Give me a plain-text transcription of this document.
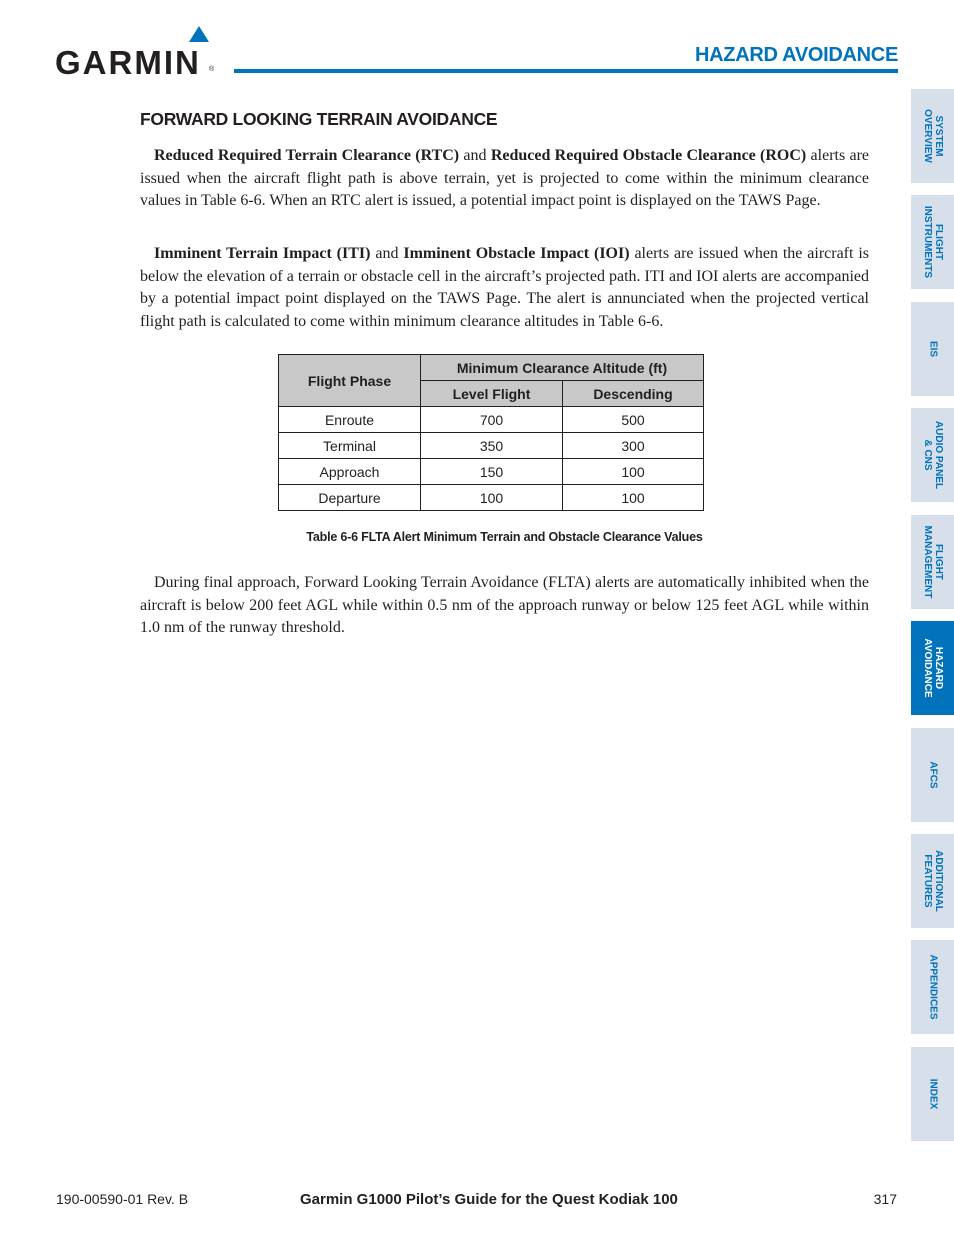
GARMIN ®
HAZARD AVOIDANCE
FORWARD LOOKING TERRAIN AVOIDANCE

Reduced Required Terrain Clearance (RTC) and Reduced Required Obstacle Clearance (ROC) alerts are issued when the aircraft flight path is above terrain, yet is projected to come within the minimum clearance values in Table 6-6. When an RTC alert is issued, a potential impact point is displayed on the TAWS Page.

Imminent Terrain Impact (ITI) and Imminent Obstacle Impact (IOI) alerts are issued when the aircraft is below the elevation of a terrain or obstacle cell in the aircraft’s projected path. ITI and IOI alerts are accompanied by a potential impact point displayed on the TAWS Page. The alert is annunciated when the projected vertical flight path is calculated to come within minimum clearance altitudes in Table 6-6.

Flight Phase	Minimum Clearance Altitude (ft)	
	Level Flight	Descending
Enroute	700	500
Terminal	350	300
Approach	150	100
Departure	100	100
Table 6-6 FLTA Alert Minimum Terrain and Obstacle Clearance Values

During final approach, Forward Looking Terrain Avoidance (FLTA) alerts are automatically inhibited when the aircraft is below 200 feet AGL while within 0.5 nm of the approach runway or below 125 feet AGL while within 1.0 nm of the runway threshold.

SYSTEM
OVERVIEW
FLIGHT
INSTRUMENTS
EIS
AUDIO PANEL
& CNS
FLIGHT
MANAGEMENT
HAZARD
AVOIDANCE
AFCS
ADDITIONAL
FEATURES
APPENDICES
INDEX
190-00590-01 Rev. B	Garmin G1000 Pilot’s Guide for the Quest Kodiak 100	317
